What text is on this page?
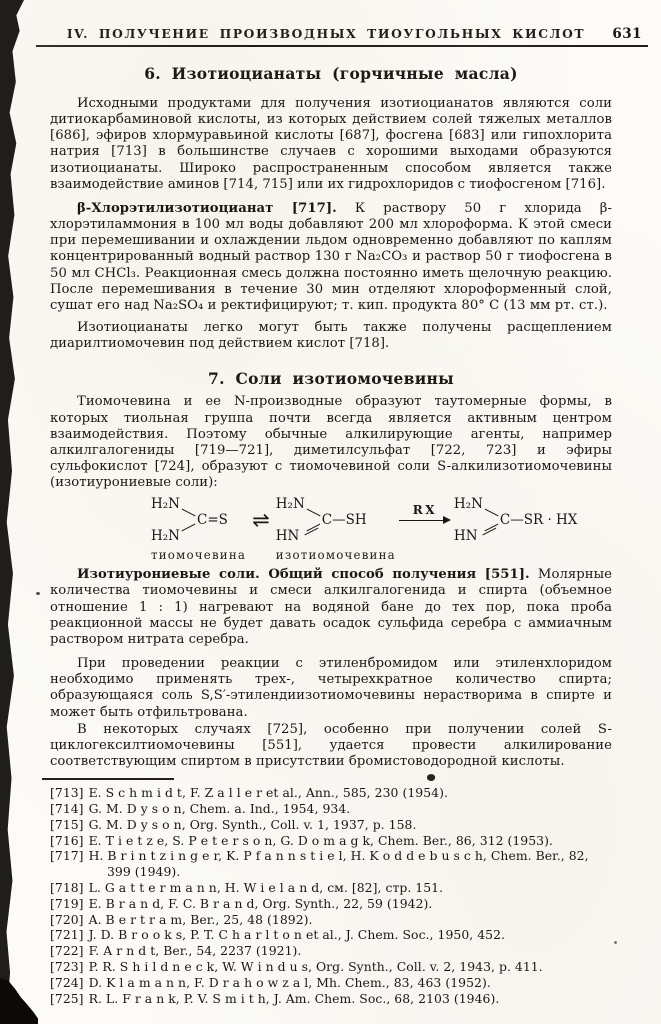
IV. ПОЛУЧЕНИЕ ПРОИЗВОДНЫХ ТИОУГОЛЬНЫХ КИСЛОТ	631
6. Изотиоцианаты (горчичные масла)

Исходными продуктами для получения изотиоцианатов являются соли дитиокарбаминовой кислоты, из которых действием солей тяжелых металлов [686], эфиров хлормуравьиной кислоты [687], фосгена [683] или гипохлорита натрия [713] в большинстве случаев с хорошими выходами образуются изотиоцианаты. Широко распространенным способом является также взаимодействие аминов [714, 715] или их гидрохлоридов с тиофосгеном [716].

β-Хлорэтилизотиоцианат [717]. К раствору 50 г хлорида β-хлорэтиламмония в 100 мл воды добавляют 200 мл хлороформа. К этой смеси при перемешивании и охлаждении льдом одновременно добавляют по каплям концентрированный водный раствор 130 г Na₂CO₃ и раствор 50 г тиофосгена в 50 мл CHCl₃. Реакционная смесь должна постоянно иметь щелочную реакцию. После перемешивания в течение 30 мин отделяют хлороформенный слой, сушат его над Na₂SO₄ и ректифицируют; т. кип. продукта 80° C (13 мм рт. ст.).

Изотиоцианаты легко могут быть также получены расщеплением диарилтиомочевин под действием кислот [718].

7. Соли изотиомочевины

Тиомочевина и ее N-производные образуют таутомерные формы, в которых тиольная группа почти всегда является активным центром взаимодействия. Поэтому обычные алкилирующие агенты, например алкилгалогениды [719—721], диметилсульфат [722, 723] и эфиры сульфокислот [724], образуют с тиомочевиной соли S-алкилизотиомочевины (изотиурониевые соли):

H₂N
H₂N
C=S
тиомочевина
⇌
H₂N
HN
C—SH
изотиомочевина
RX H₂N
HN
C—SR · HX

Изотиурониевые соли. Общий способ получения [551]. Молярные количества тиомочевины и смеси алкилгалогенида и спирта (объемное отношение 1 : 1) нагревают на водяной бане до тех пор, пока проба реакционной массы не будет давать осадок сульфида серебра с аммиачным раствором нитрата серебра.

При проведении реакции с этиленбромидом или этиленхлоридом необходимо применять трех-, четырехкратное количество спирта; образующаяся соль S,S′-этилендиизотиомочевины нерастворима в спирте и может быть отфильтрована.

В некоторых случаях [725], особенно при получении солей S-циклогексилтиомочевины [551], удается провести алкилирование соответствующим спиртом в присутствии бромистоводородной кислоты.

[713] E. S c h m i d t, F. Z a l l e r et al., Ann., 585, 230 (1954).
[714] G. M. D y s o n, Chem. a. Ind., 1954, 934.
[715] G. M. D y s o n, Org. Synth., Coll. v. 1, 1937, p. 158.
[716] E. T i e t z e, S. P e t e r s o n, G. D o m a g k, Chem. Ber., 86, 312 (1953).
[717] H. B r i n t z i n g e r, K. P f a n n s t i e l, H. K o d d e b u s c h, Chem. Ber., 82, 399 (1949).
[718] L. G a t t e r m a n n, H. W i e l a n d, см. [82], стр. 151.
[719] E. B r a n d, F. C. B r a n d, Org. Synth., 22, 59 (1942).
[720] A. B e r t r a m, Ber., 25, 48 (1892).
[721] J. D. B r o o k s, P. T. C h a r l t o n et al., J. Chem. Soc., 1950, 452.
[722] F. A r n d t, Ber., 54, 2237 (1921).
[723] P. R. S h i l d n e c k, W. W i n d u s, Org. Synth., Coll. v. 2, 1943, p. 411.
[724] D. K l a m a n n, F. D r a h o w z a l, Mh. Chem., 83, 463 (1952).
[725] R. L. F r a n k, P. V. S m i t h, J. Am. Chem. Soc., 68, 2103 (1946).
